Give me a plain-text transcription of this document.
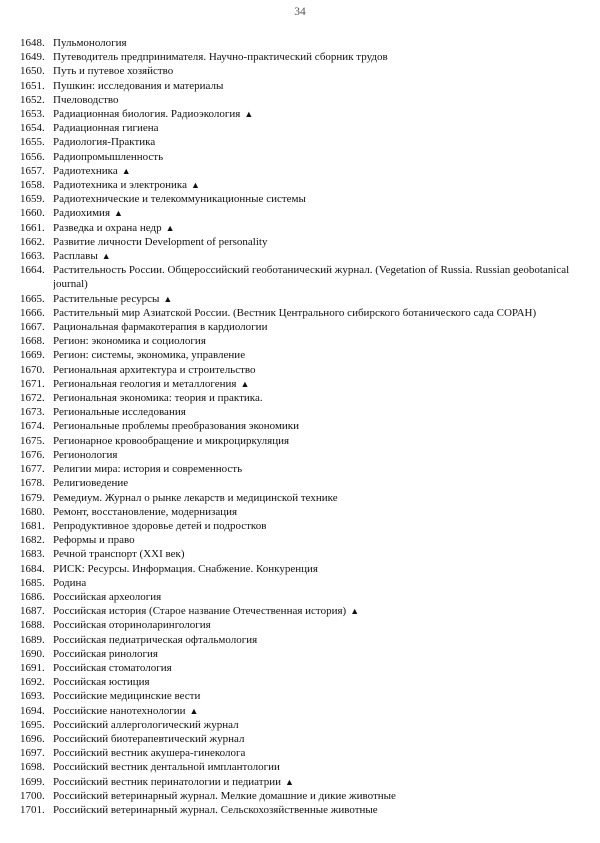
34
1648. Пульмонология
1649. Путеводитель предпринимателя. Научно-практический сборник трудов
1650. Путь и путевое хозяйство
1651. Пушкин: исследования и материалы
1652. Пчеловодство
1653. Радиационная биология. Радиоэкология ▲
1654. Радиационная гигиена
1655. Радиология-Практика
1656. Радиопромышленность
1657. Радиотехника ▲
1658. Радиотехника и электроника ▲
1659. Радиотехнические и телекоммуникационные системы
1660. Радиохимия ▲
1661. Разведка и охрана недр ▲
1662. Развитие личности Development of personality
1663. Расплавы ▲
1664. Растительность России. Общероссийский геоботанический журнал. (Vegetation of Russia. Russian geobotanical journal)
1665. Растительные ресурсы ▲
1666. Растительный мир Азиатской России. (Вестник Центрального сибирского ботанического сада СОРАН)
1667. Рациональная фармакотерапия в кардиологии
1668. Регион: экономика и социология
1669. Регион: системы, экономика, управление
1670. Региональная архитектура и строительство
1671. Региональная геология и металлогения ▲
1672. Региональная экономика: теория и практика.
1673. Региональные исследования
1674. Региональные проблемы преобразования экономики
1675. Регионарное кровообращение и микроциркуляция
1676. Регионология
1677. Религии мира: история и современность
1678. Религиоведение
1679. Ремедиум. Журнал о рынке лекарств и медицинской технике
1680. Ремонт, восстановление, модернизация
1681. Репродуктивное здоровье детей и подростков
1682. Реформы и право
1683. Речной транспорт (XXI век)
1684. РИСК: Ресурсы. Информация. Снабжение. Конкуренция
1685. Родина
1686. Российская археология
1687. Российская история (Старое название Отечественная история) ▲
1688. Российская оториноларингология
1689. Российская педиатрическая офтальмология
1690. Российская ринология
1691. Российская стоматология
1692. Российская юстиция
1693. Российские медицинские вести
1694. Российские нанотехнологии ▲
1695. Российский аллергологический журнал
1696. Российский биотерапевтический журнал
1697. Российский вестник акушера-гинеколога
1698. Российский вестник дентальной имплантологии
1699. Российский вестник перинатологии и педиатрии ▲
1700. Российский ветеринарный журнал. Мелкие домашние и дикие животные
1701. Российский ветеринарный журнал. Сельскохозяйственные животные
